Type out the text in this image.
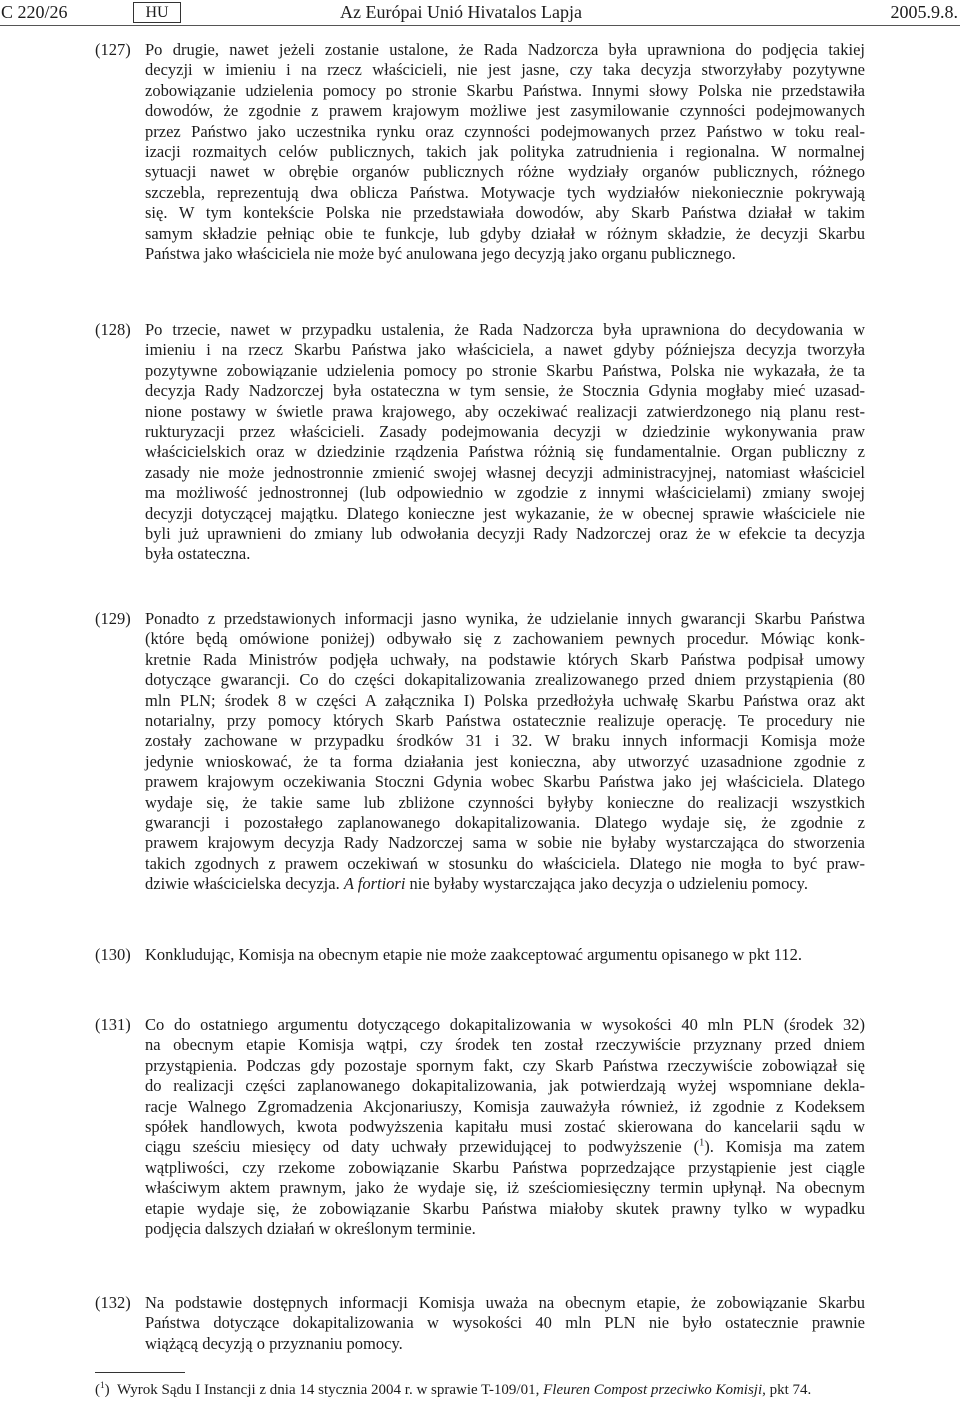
C 220/26	HU	Az Európai Unió Hivatalos Lapja	2005.9.8.
(127) Po drugie, nawet jeżeli zostanie ustalone, że Rada Nadzorcza była uprawniona do podjęcia takiej
decyzji w imieniu i na rzecz właścicieli, nie jest jasne, czy taka decyzja stworzyłaby pozytywne
zobowiązanie udzielenia pomocy po stronie Skarbu Państwa. Innymi słowy Polska nie przedstawiła
dowodów, że zgodnie z prawem krajowym możliwe jest zasymilowanie czynności podejmowanych
przez Państwo jako uczestnika rynku oraz czynności podejmowanych przez Państwo w toku real-
izacji rozmaitych celów publicznych, takich jak polityka zatrudnienia i regionalna. W normalnej
sytuacji nawet w obrębie organów publicznych różne wydziały organów publicznych, różnego
szczebla, reprezentują dwa oblicza Państwa. Motywacje tych wydziałów niekoniecznie pokrywają
się. W tym kontekście Polska nie przedstawiała dowodów, aby Skarb Państwa działał w takim
samym składzie pełniąc obie te funkcje, lub gdyby działał w różnym składzie, że decyzji Skarbu
Państwa jako właściciela nie może być anulowana jego decyzją jako organu publicznego.
(128) Po trzecie, nawet w przypadku ustalenia, że Rada Nadzorcza była uprawniona do decydowania w
imieniu i na rzecz Skarbu Państwa jako właściciela, a nawet gdyby późniejsza decyzja tworzyła
pozytywne zobowiązanie udzielenia pomocy po stronie Skarbu Państwa, Polska nie wykazała, że ta
decyzja Rady Nadzorczej była ostateczna w tym sensie, że Stocznia Gdynia mogłaby mieć uzasad-
nione postawy w świetle prawa krajowego, aby oczekiwać realizacji zatwierdzonego nią planu rest-
rukturyzacji przez właścicieli. Zasady podejmowania decyzji w dziedzinie wykonywania praw
właścicielskich oraz w dziedzinie rządzenia Państwa różnią się fundamentalnie. Organ publiczny z
zasady nie może jednostronnie zmienić swojej własnej decyzji administracyjnej, natomiast właściciel
ma możliwość jednostronnej (lub odpowiednio w zgodzie z innymi właścicielami) zmiany swojej
decyzji dotyczącej majątku. Dlatego konieczne jest wykazanie, że w obecnej sprawie właściciele nie
byli już uprawnieni do zmiany lub odwołania decyzji Rady Nadzorczej oraz że w efekcie ta decyzja
była ostateczna.
(129) Ponadto z przedstawionych informacji jasno wynika, że udzielanie innych gwarancji Skarbu Państwa
(które będą omówione poniżej) odbywało się z zachowaniem pewnych procedur. Mówiąc konk-
kretnie Rada Ministrów podjęła uchwały, na podstawie których Skarb Państwa podpisał umowy
dotyczące gwarancji. Co do części dokapitalizowania zrealizowanego przed dniem przystąpienia (80
mln PLN; środek 8 w części A załącznika I) Polska przedłożyła uchwałę Skarbu Państwa oraz akt
notarialny, przy pomocy których Skarb Państwa ostatecznie realizuje operację. Te procedury nie
zostały zachowane w przypadku środków 31 i 32. W braku innych informacji Komisja może
jedynie wnioskować, że ta forma działania jest konieczna, aby utworzyć uzasadnione zgodnie z
prawem krajowym oczekiwania Stoczni Gdynia wobec Skarbu Państwa jako jej właściciela. Dlatego
wydaje się, że takie same lub zbliżone czynności byłyby konieczne do realizacji wszystkich
gwarancji i pozostałego zaplanowanego dokapitalizowania. Dlatego wydaje się, że zgodnie z
prawem krajowym decyzja Rady Nadzorczej sama w sobie nie byłaby wystarczająca do stworzenia
takich zgodnych z prawem oczekiwań w stosunku do właściciela. Dlatego nie mogła to być praw-
dziwie właścicielska decyzja. A fortiori nie byłaby wystarczająca jako decyzja o udzieleniu pomocy.
(130) Konkludując, Komisja na obecnym etapie nie może zaakceptować argumentu opisanego w pkt 112.
(131) Co do ostatniego argumentu dotyczącego dokapitalizowania w wysokości 40 mln PLN (środek 32)
na obecnym etapie Komisja wątpi, czy środek ten został rzeczywiście przyznany przed dniem
przystąpienia. Podczas gdy pozostaje spornym fakt, czy Skarb Państwa rzeczywiście zobowiązał się
do realizacji części zaplanowanego dokapitalizowania, jak potwierdzają wyżej wspomniane dekla-
racje Walnego Zgromadzenia Akcjonariuszy, Komisja zauważyła również, iż zgodnie z Kodeksem
spółek handlowych, kwota podwyższenia kapitału musi zostać skierowana do kancelarii sądu w
ciągu sześciu miesięcy od daty uchwały przewidującej to podwyższenie ($^1$). Komisja ma zatem
wątpliwości, czy rzekome zobowiązanie Skarbu Państwa poprzedzające przystąpienie jest ciągle
właściwym aktem prawnym, jako że wydaje się, iż sześciomiesięczny termin upłynął. Na obecnym
etapie wydaje się, że zobowiązanie Skarbu Państwa miałoby skutek prawny tylko w wypadku
podjęcia dalszych działań w określonym terminie.
(132) Na podstawie dostępnych informacji Komisja uważa na obecnym etapie, że zobowiązanie Skarbu
Państwa dotyczące dokapitalizowania w wysokości 40 mln PLN nie było ostatecznie prawnie
wiążącą decyzją o przyznaniu pomocy.
($^1$) Wyrok Sądu I Instancji z dnia 14 stycznia 2004 r. w sprawie T-109/01, Fleuren Compost przeciwko Komisji, pkt 74.
